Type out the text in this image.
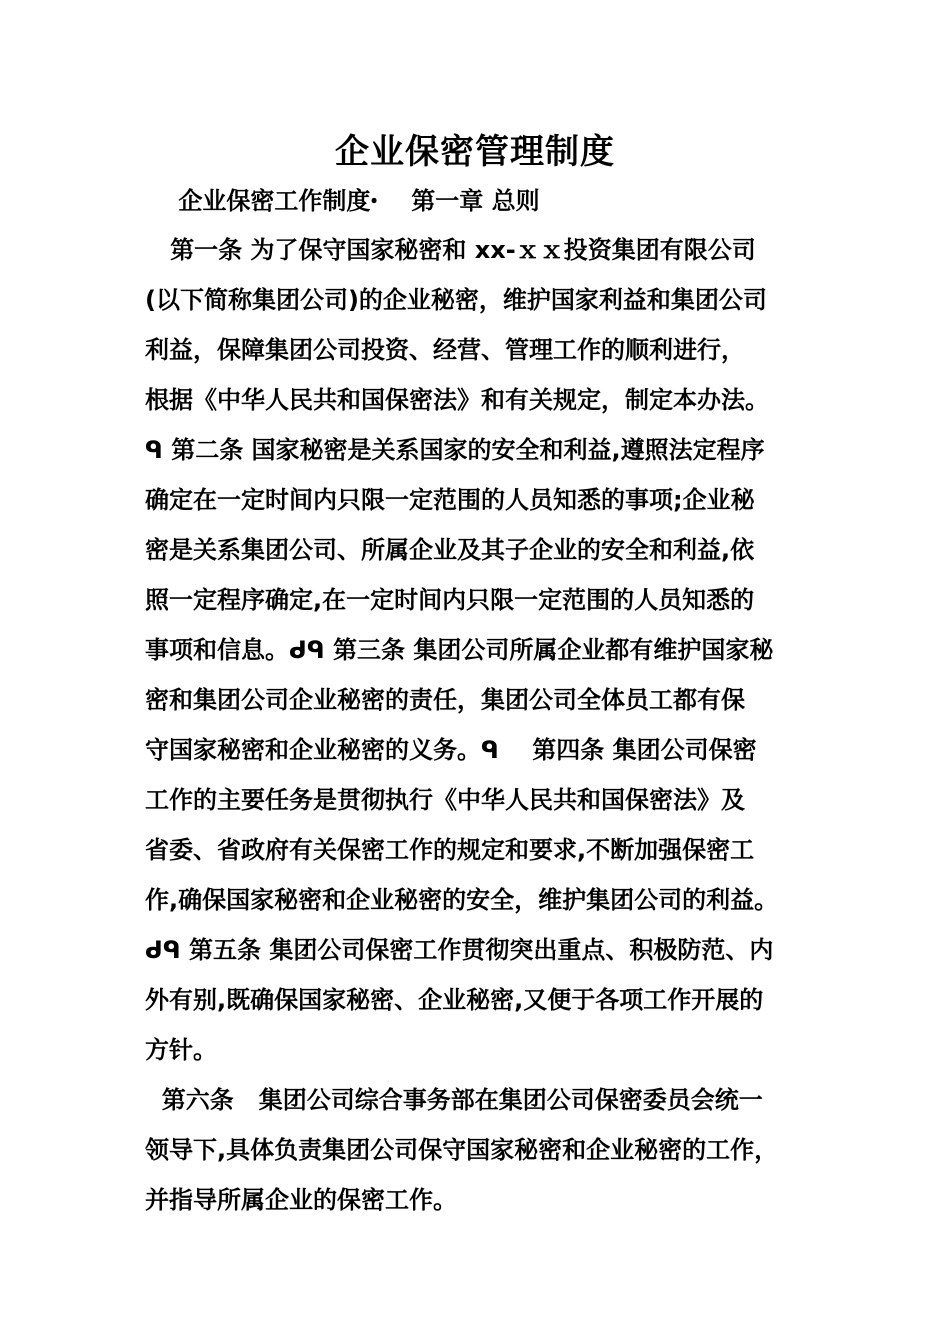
企业保密管理制度
企业保密工作制度ꞏ    第一章 总则
第一条 为了保守国家秘密和 xx-ｘｘ投资集团有限公司
(以下简称集团公司)的企业秘密，维护国家利益和集团公司
利益，保障集团公司投资、经营、管理工作的顺利进行，
根据《中华人民共和国保密法》和有关规定，制定本办法。
ᑫ 第二条 国家秘密是关系国家的安全和利益,遵照法定程序
确定在一定时间内只限一定范围的人员知悉的事项;企业秘
密是关系集团公司、所属企业及其子企业的安全和利益,依
照一定程序确定,在一定时间内只限一定范围的人员知悉的
事项和信息。ᑯᑫ 第三条 集团公司所属企业都有维护国家秘
密和集团公司企业秘密的责任，集团公司全体员工都有保
守国家秘密和企业秘密的义务。ᑫ    第四条 集团公司保密
工作的主要任务是贯彻执行《中华人民共和国保密法》及
省委、省政府有关保密工作的规定和要求,不断加强保密工
作,确保国家秘密和企业秘密的安全，维护集团公司的利益。
ᑯᑫ 第五条 集团公司保密工作贯彻突出重点、积极防范、内
外有别,既确保国家秘密、企业秘密,又便于各项工作开展的
方针。
第六条   集团公司综合事务部在集团公司保密委员会统一
领导下,具体负责集团公司保守国家秘密和企业秘密的工作，
并指导所属企业的保密工作。
